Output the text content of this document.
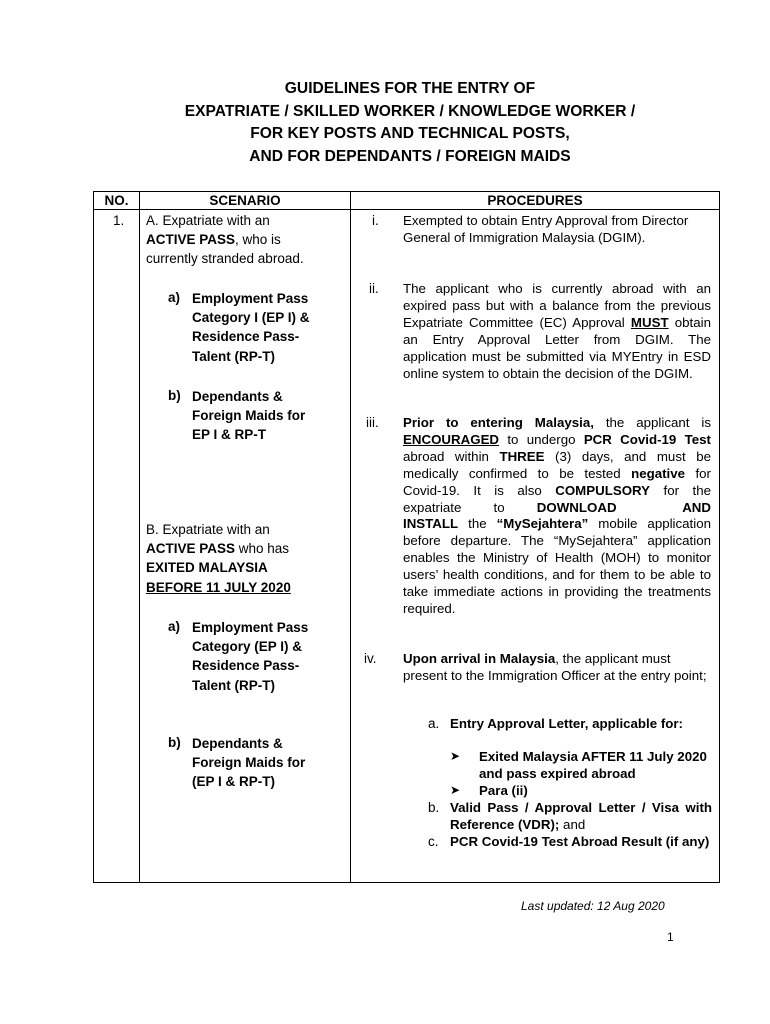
GUIDELINES FOR THE ENTRY OF
EXPATRIATE / SKILLED WORKER / KNOWLEDGE WORKER /
FOR KEY POSTS AND TECHNICAL POSTS,
AND FOR DEPENDANTS / FOREIGN MAIDS
NO.	SCENARIO	PROCEDURES
1. A. Expatriate with an
ACTIVE PASS, who is
currently stranded abroad.
a) Employment Pass
Category I (EP I) &
Residence Pass-
Talent (RP-T)
b) Dependants &
Foreign Maids for
EP I & RP-T
B. Expatriate with an
ACTIVE PASS who has
EXITED MALAYSIA
BEFORE 11 JULY 2020
a) Employment Pass
Category (EP I) &
Residence Pass-
Talent (RP-T)
b) Dependants &
Foreign Maids for
(EP I & RP-T)
i. Exempted to obtain Entry Approval from Director General of Immigration Malaysia (DGIM).
ii. The applicant who is currently abroad with an expired pass but with a balance from the previous Expatriate Committee (EC) Approval MUST obtain an Entry Approval Letter from DGIM. The application must be submitted via MYEntry in ESD online system to obtain the decision of the DGIM.
iii. Prior to entering Malaysia, the applicant is ENCOURAGED to undergo PCR Covid-19 Test abroad within THREE (3) days, and must be medically confirmed to be tested negative for Covid-19. It is also COMPULSORY for the expatriate to DOWNLOAD AND INSTALL the “MySejahtera” mobile application before departure. The “MySejahtera” application enables the Ministry of Health (MOH) to monitor users’ health conditions, and for them to be able to take immediate actions in providing the treatments required.
iv. Upon arrival in Malaysia, the applicant must present to the Immigration Officer at the entry point;
a. Entry Approval Letter, applicable for:
➤ Exited Malaysia AFTER 11 July 2020 and pass expired abroad
➤ Para (ii)
b. Valid Pass / Approval Letter / Visa with Reference (VDR); and
c. PCR Covid-19 Test Abroad Result (if any)
Last updated: 12 Aug 2020
1
